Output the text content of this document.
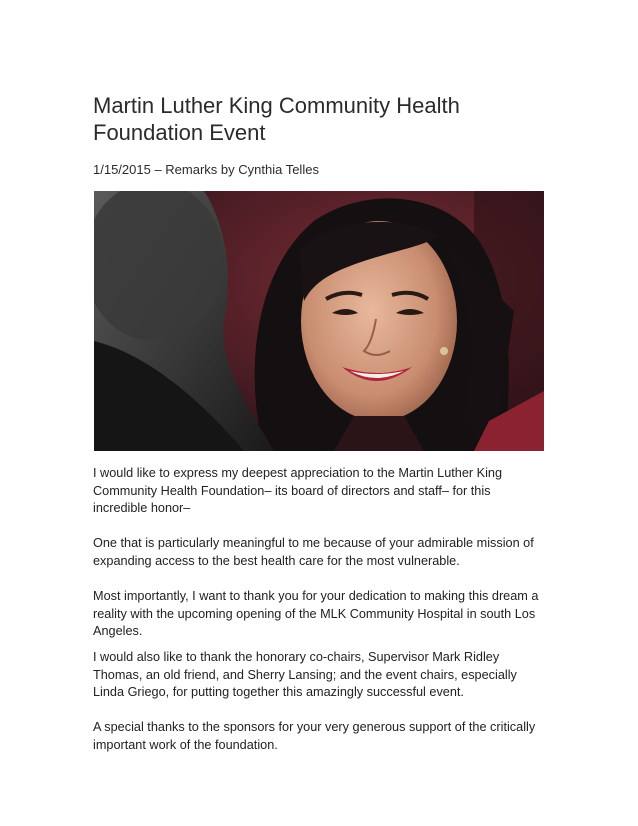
Martin Luther King Community Health Foundation Event

1/15/2015 – Remarks by Cynthia Telles

I would like to express my deepest appreciation to the Martin Luther King Community Health Foundation– its board of directors and staff– for this incredible honor–

One that is particularly meaningful to me because of your admirable mission of expanding access to the best health care for the most vulnerable.

Most importantly, I want to thank you for your dedication to making this dream a reality with the upcoming opening of the MLK Community Hospital in south Los Angeles.

I would also like to thank the honorary co-chairs, Supervisor Mark Ridley Thomas, an old friend, and Sherry Lansing; and the event chairs, especially Linda Griego, for putting together this amazingly successful event.

A special thanks to the sponsors for your very generous support of the critically important work of the foundation.
